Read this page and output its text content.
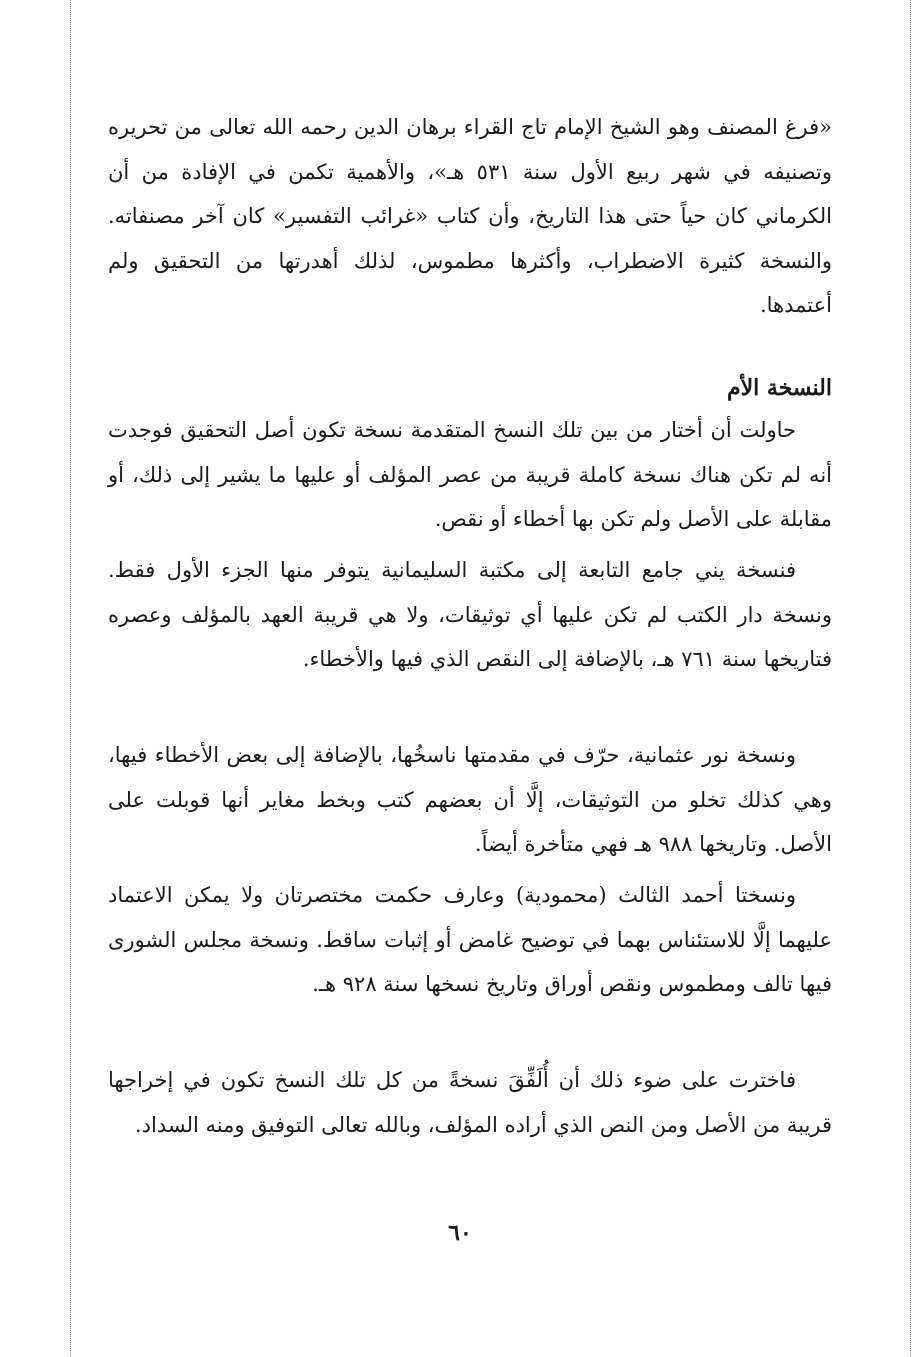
«فرغ المصنف وهو الشيخ الإمام تاج القراء برهان الدين رحمه الله تعالى من تحريره وتصنيفه في شهر ربيع الأول سنة ٥٣١ هـ»، والأهمية تكمن في الإفادة من أن الكرماني كان حياً حتى هذا التاريخ، وأن كتاب «غرائب التفسير» كان آخر مصنفاته. والنسخة كثيرة الاضطراب، وأكثرها مطموس، لذلك أهدرتها من التحقيق ولم أعتمدها.

النسخة الأم

حاولت أن أختار من بين تلك النسخ المتقدمة نسخة تكون أصل التحقيق فوجدت أنه لم تكن هناك نسخة كاملة قريبة من عصر المؤلف أو عليها ما يشير إلى ذلك، أو مقابلة على الأصل ولم تكن بها أخطاء أو نقص.

فنسخة يني جامع التابعة إلى مكتبة السليمانية يتوفر منها الجزء الأول فقط. ونسخة دار الكتب لم تكن عليها أي توثيقات، ولا هي قريبة العهد بالمؤلف وعصره فتاريخها سنة ٧٦١ هـ، بالإضافة إلى النقص الذي فيها والأخطاء.

ونسخة نور عثمانية، حرّف في مقدمتها ناسخُها، بالإضافة إلى بعض الأخطاء فيها، وهي كذلك تخلو من التوثيقات، إلَّا أن بعضهم كتب وبخط مغاير أنها قوبلت على الأصل. وتاريخها ٩٨٨ هـ فهي متأخرة أيضاً.

ونسختا أحمد الثالث (محمودية) وعارف حكمت مختصرتان ولا يمكن الاعتماد عليهما إلَّا للاستئناس بهما في توضيح غامض أو إثبات ساقط. ونسخة مجلس الشورى فيها تالف ومطموس ونقص أوراق وتاريخ نسخها سنة ٩٢٨ هـ.

فاخترت على ضوء ذلك أن أُلَفِّقَ نسخةً من كل تلك النسخ تكون في إخراجها قريبة من الأصل ومن النص الذي أراده المؤلف، وبالله تعالى التوفيق ومنه السداد.

٦٠
